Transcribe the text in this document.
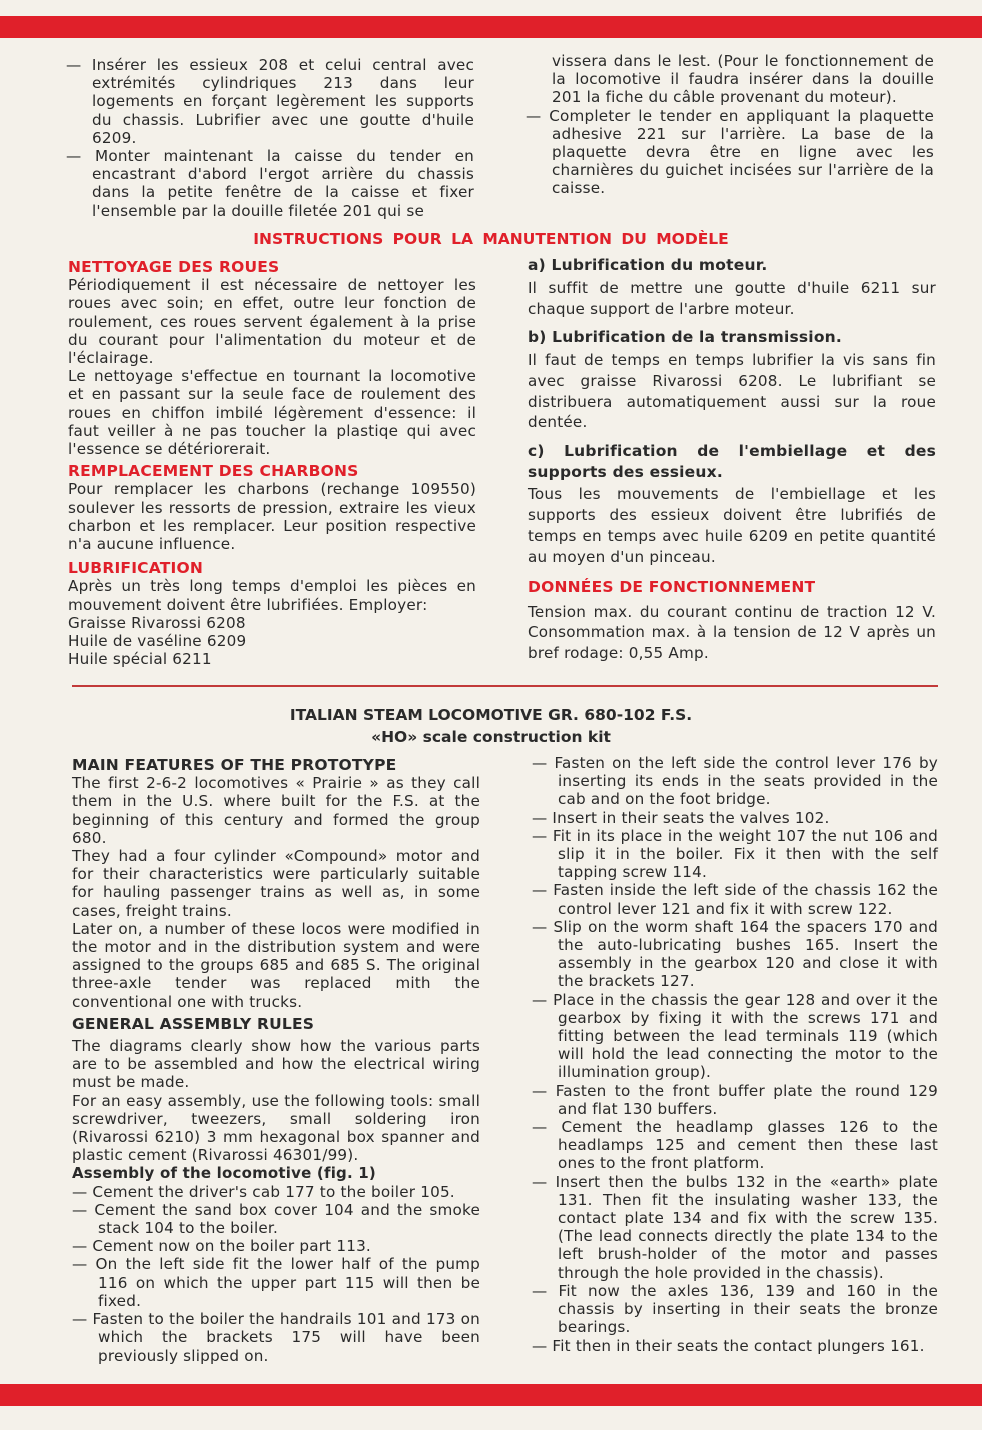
— Insérer les essieux 208 et celui central avec extrémités cylindriques 213 dans leur logements en forçant legèrement les supports du chassis. Lubrifier avec une goutte d'huile 6209.
— Monter maintenant la caisse du tender en encastrant d'abord l'ergot arrière du chassis dans la petite fenêtre de la caisse et fixer l'ensemble par la douille filetée 201 qui se

vissera dans le lest. (Pour le fonctionnement de la locomotive il faudra insérer dans la douille 201 la fiche du câble provenant du moteur).

— Completer le tender en appliquant la plaquette adhesive 221 sur l'arrière. La base de la plaquette devra être en ligne avec les charnières du guichet incisées sur l'arrière de la caisse.
INSTRUCTIONS POUR LA MANUTENTION DU MODÈLE
NETTOYAGE DES ROUES

Périodiquement il est nécessaire de nettoyer les roues avec soin; en effet, outre leur fonction de roulement, ces roues servent également à la prise du courant pour l'alimentation du moteur et de l'éclairage.

Le nettoyage s'effectue en tournant la locomotive et en passant sur la seule face de roulement des roues en chiffon imbilé légèrement d'essence: il faut veiller à ne pas toucher la plastiqe qui avec l'essence se détériorerait.

REMPLACEMENT DES CHARBONS

Pour remplacer les charbons (rechange 109550) soulever les ressorts de pression, extraire les vieux charbon et les remplacer. Leur position respective n'a aucune influence.

LUBRIFICATION

Après un très long temps d'emploi les pièces en mouvement doivent être lubrifiées. Employer:

Graisse Rivarossi 6208
Huile de vaséline 6209
Huile spécial 6211
a) Lubrification du moteur.

Il suffit de mettre une goutte d'huile 6211 sur chaque support de l'arbre moteur.

b) Lubrification de la transmission.

Il faut de temps en temps lubrifier la vis sans fin avec graisse Rivarossi 6208. Le lubrifiant se distribuera automatiquement aussi sur la roue dentée.

c) Lubrification de l'embiellage et des supports des essieux.

Tous les mouvements de l'embiellage et les supports des essieux doivent être lubrifiés de temps en temps avec huile 6209 en petite quantité au moyen d'un pinceau.

DONNÉES DE FONCTIONNEMENT

Tension max. du courant continu de traction 12 V. Consommation max. à la tension de 12 V après un bref rodage: 0,55 Amp.

ITALIAN STEAM LOCOMOTIVE GR. 680-102 F.S.
«HO» scale construction kit
MAIN FEATURES OF THE PROTOTYPE

The first 2-6-2 locomotives « Prairie » as they call them in the U.S. where built for the F.S. at the beginning of this century and formed the group 680.

They had a four cylinder «Compound» motor and for their characteristics were particularly suitable for hauling passenger trains as well as, in some cases, freight trains.

Later on, a number of these locos were modified in the motor and in the distribution system and were assigned to the groups 685 and 685 S. The original three-axle tender was replaced mith the conventional one with trucks.

GENERAL ASSEMBLY RULES

The diagrams clearly show how the various parts are to be assembled and how the electrical wiring must be made.

For an easy assembly, use the following tools: small screwdriver, tweezers, small soldering iron (Rivarossi 6210) 3 mm hexagonal box spanner and plastic cement (Rivarossi 46301/99).

Assembly of the locomotive (fig. 1)
— Cement the driver's cab 177 to the boiler 105.
— Cement the sand box cover 104 and the smoke stack 104 to the boiler.
— Cement now on the boiler part 113.
— On the left side fit the lower half of the pump 116 on which the upper part 115 will then be fixed.
— Fasten to the boiler the handrails 101 and 173 on which the brackets 175 will have been previously slipped on.
— Fasten on the left side the control lever 176 by inserting its ends in the seats provided in the cab and on the foot bridge.
— Insert in their seats the valves 102.
— Fit in its place in the weight 107 the nut 106 and slip it in the boiler. Fix it then with the self tapping screw 114.
— Fasten inside the left side of the chassis 162 the control lever 121 and fix it with screw 122.
— Slip on the worm shaft 164 the spacers 170 and the auto-lubricating bushes 165. Insert the assembly in the gearbox 120 and close it with the brackets 127.
— Place in the chassis the gear 128 and over it the gearbox by fixing it with the screws 171 and fitting between the lead terminals 119 (which will hold the lead connecting the motor to the illumination group).
— Fasten to the front buffer plate the round 129 and flat 130 buffers.
— Cement the headlamp glasses 126 to the headlamps 125 and cement then these last ones to the front platform.
— Insert then the bulbs 132 in the «earth» plate 131. Then fit the insulating washer 133, the contact plate 134 and fix with the screw 135. (The lead connects directly the plate 134 to the left brush-holder of the motor and passes through the hole provided in the chassis).
— Fit now the axles 136, 139 and 160 in the chassis by inserting in their seats the bronze bearings.
— Fit then in their seats the contact plungers 161.
